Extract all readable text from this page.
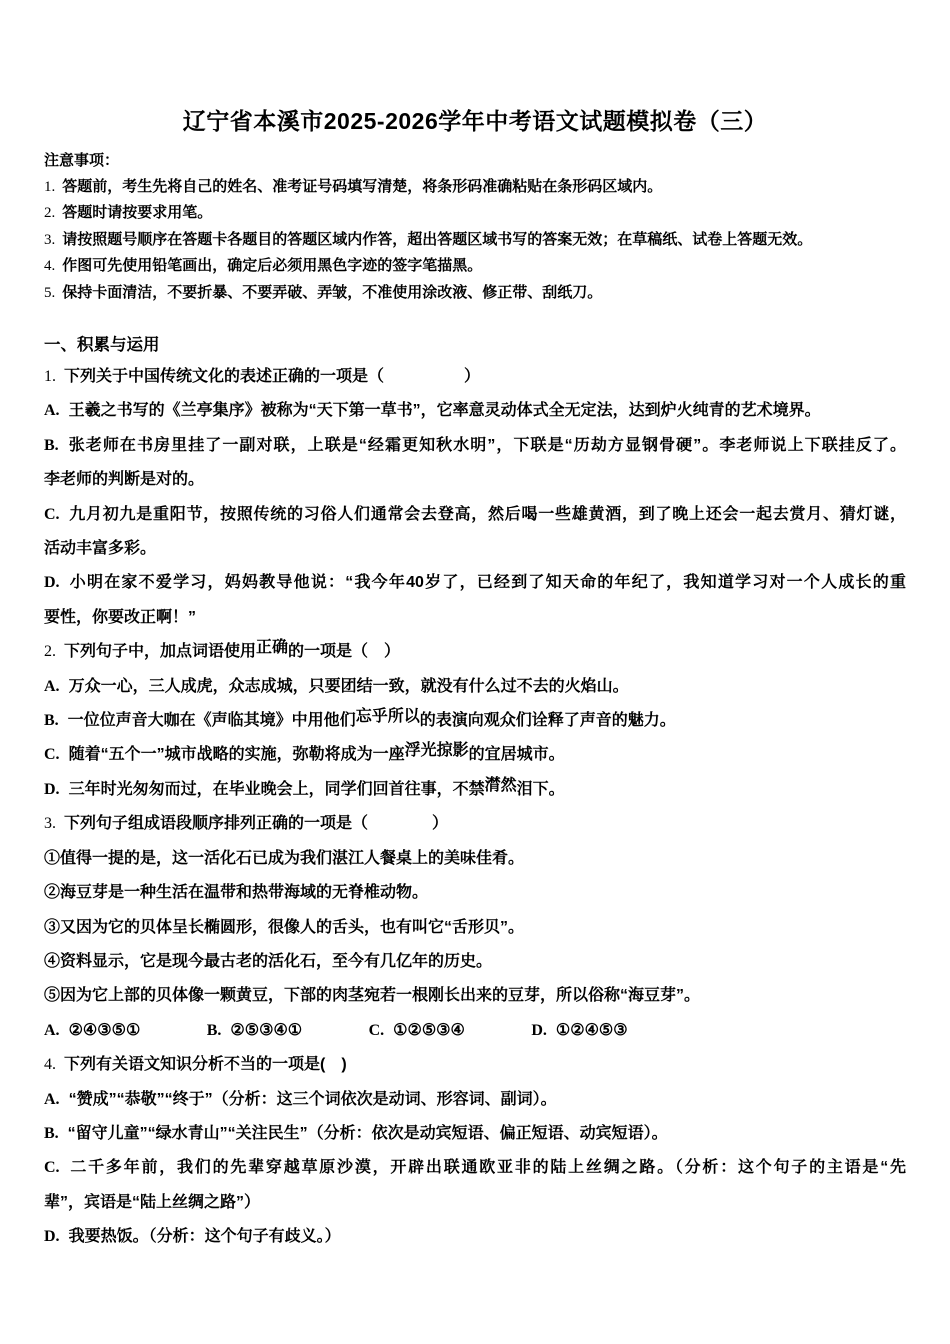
辽宁省本溪市2025-2026学年中考语文试题模拟卷（三）
注意事项：
1. 答题前，考生先将自己的姓名、准考证号码填写清楚，将条形码准确粘贴在条形码区域内。
2. 答题时请按要求用笔。
3. 请按照题号顺序在答题卡各题目的答题区域内作答，超出答题区域书写的答案无效；在草稿纸、试卷上答题无效。
4. 作图可先使用铅笔画出，确定后必须用黑色字迹的签字笔描黑。
5. 保持卡面清洁，不要折暴、不要弄破、弄皱，不准使用涂改液、修正带、刮纸刀。
一、积累与运用
1. 下列关于中国传统文化的表述正确的一项是（　　　　　）
A. 王羲之书写的《兰亭集序》被称为“天下第一草书”，它率意灵动体式全无定法，达到炉火纯青的艺术境界。
B. 张老师在书房里挂了一副对联，上联是“经霜更知秋水明”，下联是“历劫方显钢骨硬”。李老师说上下联挂反了。
李老师的判断是对的。
C. 九月初九是重阳节，按照传统的习俗人们通常会去登高，然后喝一些雄黄酒，到了晚上还会一起去赏月、猜灯谜，
活动丰富多彩。
D. 小明在家不爱学习，妈妈教导他说：“我今年40岁了，已经到了知天命的年纪了，我知道学习对一个人成长的重
要性，你要改正啊！”
2. 下列句子中，加点词语使用正确的一项是（　）
A. 万众一心，三人成虎，众志成城，只要团结一致，就没有什么过不去的火焰山。
B. 一位位声音大咖在《声临其境》中用他们忘乎所以的表演向观众们诠释了声音的魅力。
C. 随着“五个一”城市战略的实施，弥勒将成为一座浮光掠影的宜居城市。
D. 三年时光匆匆而过，在毕业晚会上，同学们回首往事，不禁潸然泪下。
3. 下列句子组成语段顺序排列正确的一项是（　　　　）
①值得一提的是，这一活化石已成为我们湛江人餐桌上的美味佳肴。
②海豆芽是一种生活在温带和热带海域的无脊椎动物。
③又因为它的贝体呈长椭圆形，很像人的舌头，也有叫它“舌形贝”。
④资料显示，它是现今最古老的活化石，至今有几亿年的历史。
⑤因为它上部的贝体像一颗黄豆，下部的肉茎宛若一根刚长出来的豆芽，所以俗称“海豆芽”。
A. ②④③⑤①	B. ②⑤③④①	C. ①②⑤③④	D. ①②④⑤③
4. 下列有关语文知识分析不当的一项是(　)
A. “赞成”“恭敬”“终于”（分析：这三个词依次是动词、形容词、副词）。
B. “留守儿童”“绿水青山”“关注民生”（分析：依次是动宾短语、偏正短语、动宾短语）。
C. 二千多年前，我们的先辈穿越草原沙漠，开辟出联通欧亚非的陆上丝绸之路。（分析：这个句子的主语是“先
辈”，宾语是“陆上丝绸之路”）
D. 我要热饭。（分析：这个句子有歧义。）
